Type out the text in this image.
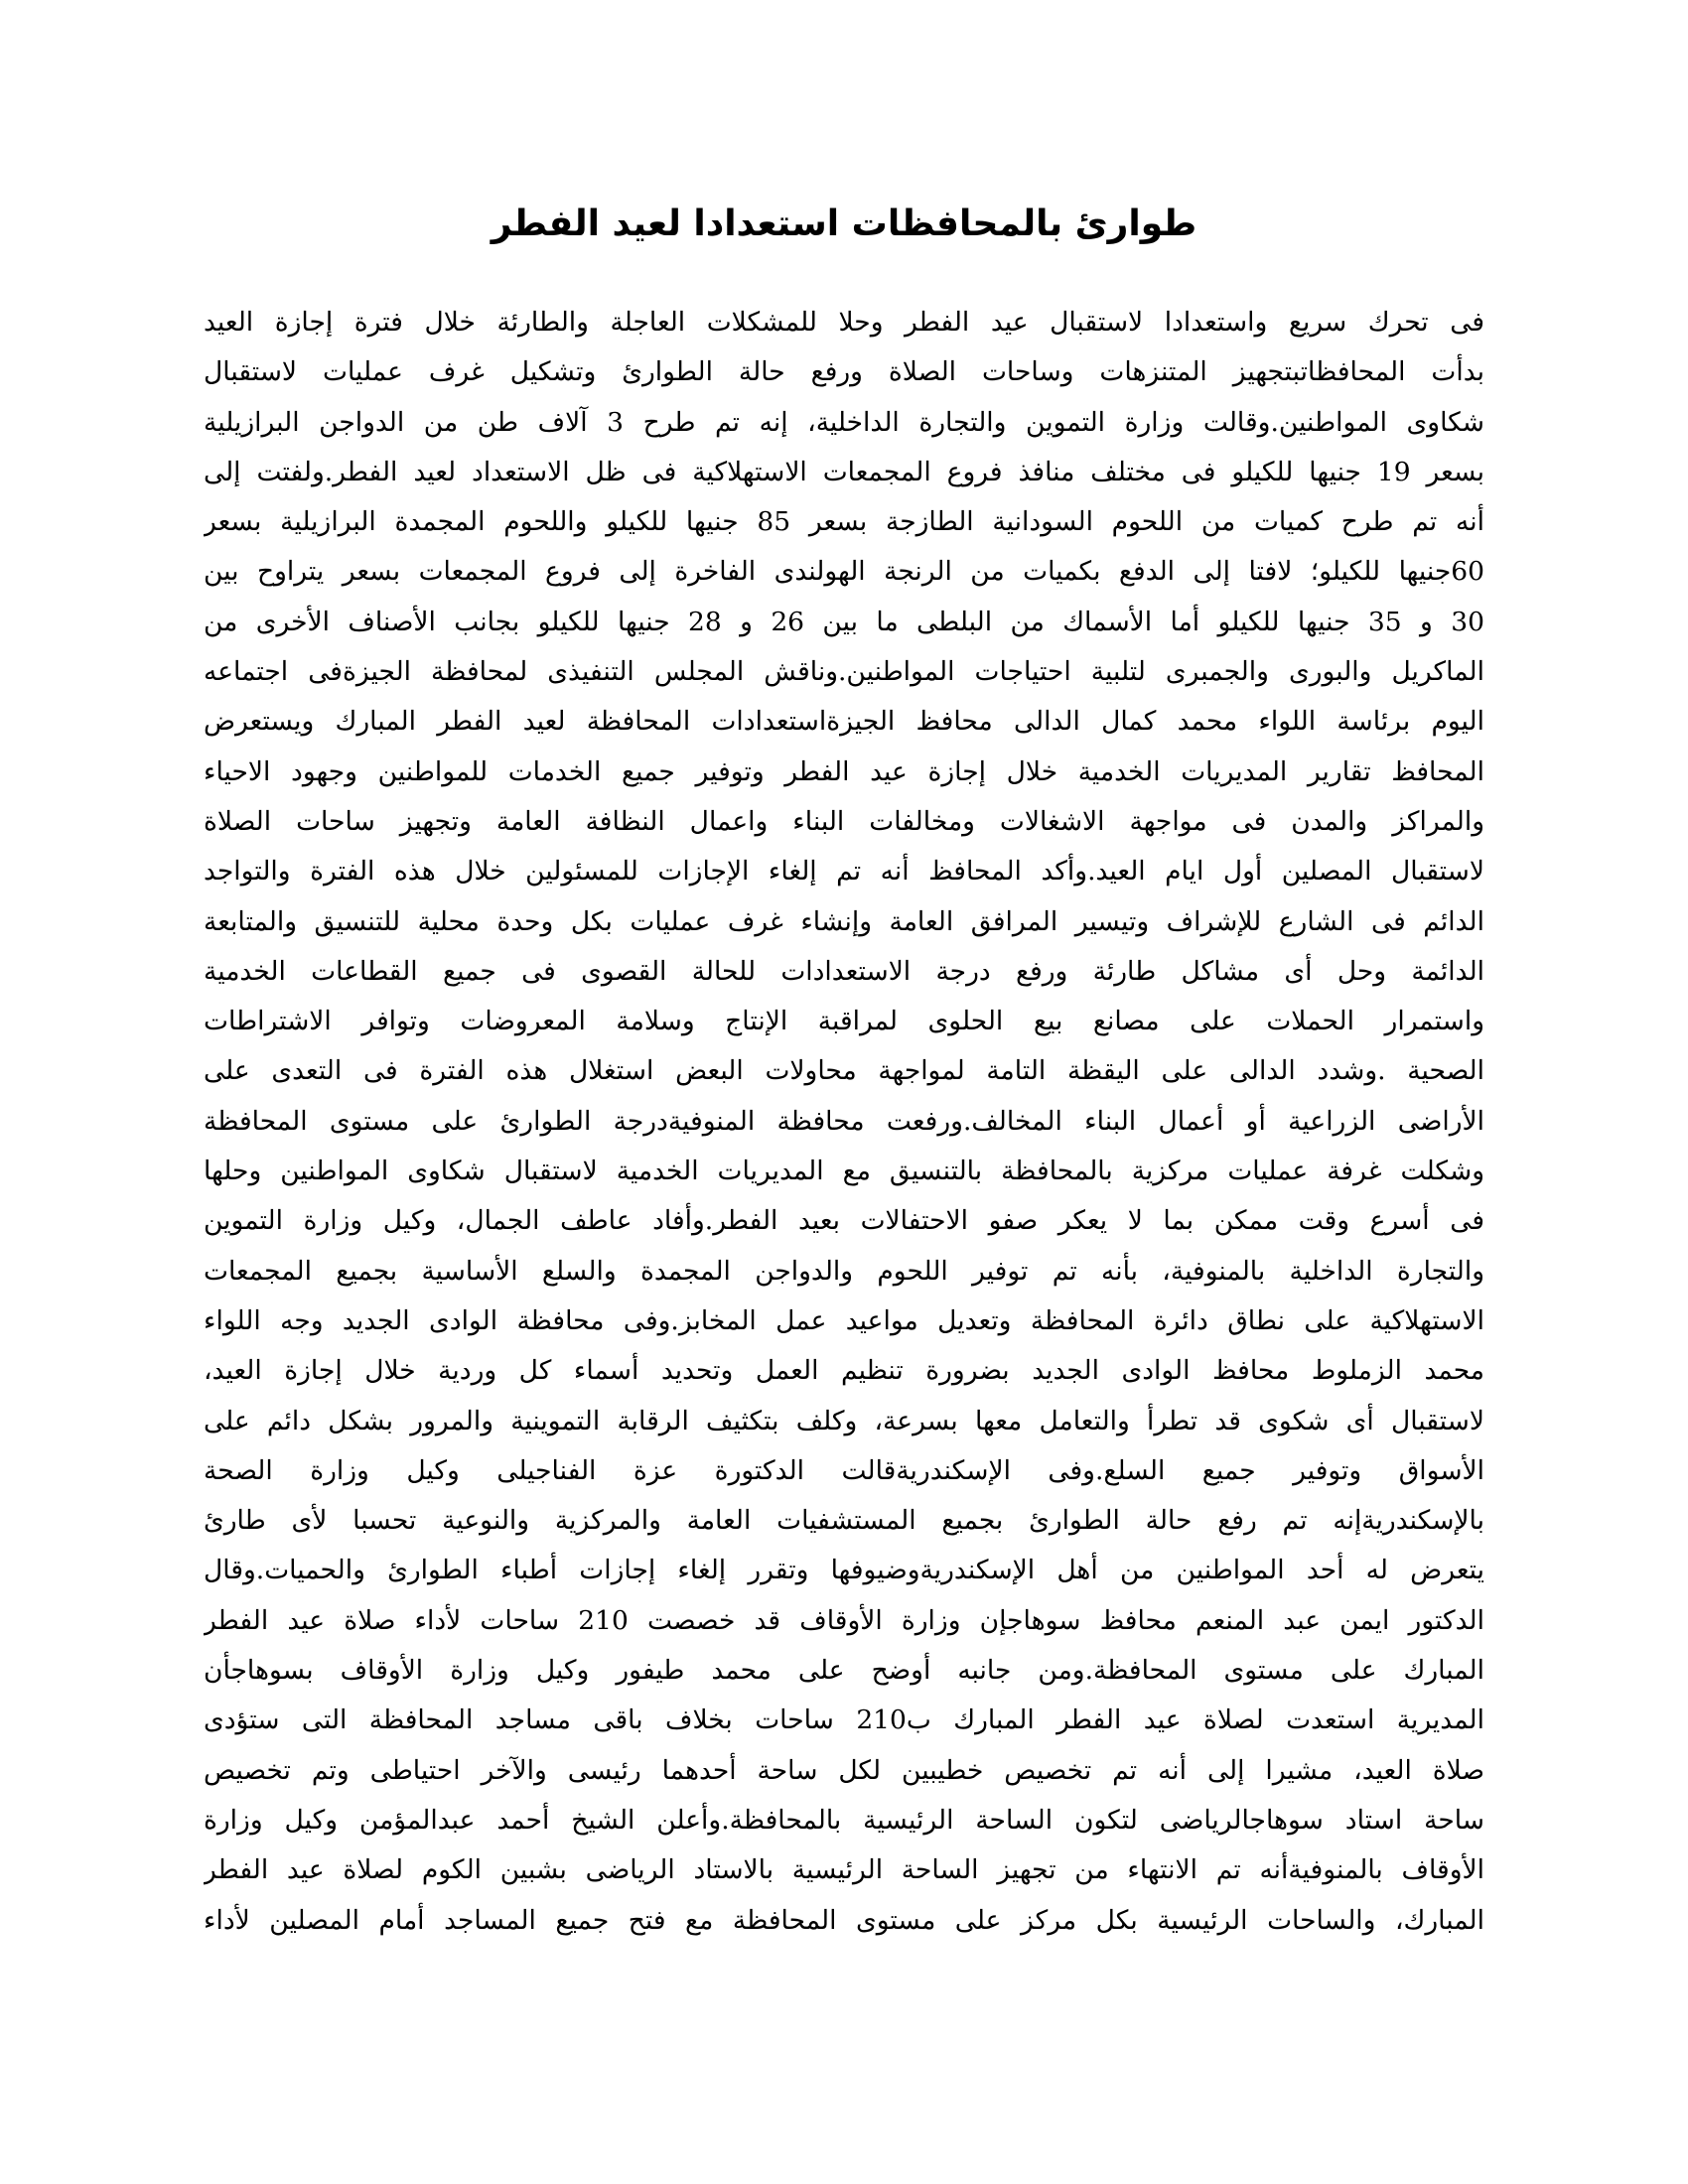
طوارئ بالمحافظات استعدادا لعيد الفطر
فى تحرك سريع واستعدادا لاستقبال عيد الفطر وحلا للمشكلات العاجلة والطارئة خلال فترة إجازة العيد
بدأت المحافظاتبتجهيز المتنزهات وساحات الصلاة ورفع حالة الطوارئ وتشكيل غرف عمليات لاستقبال
شكاوى المواطنين.وقالت وزارة التموين والتجارة الداخلية، إنه تم طرح 3 آلاف طن من الدواجن البرازيلية
بسعر 19 جنيها للكيلو فى مختلف منافذ فروع المجمعات الاستهلاكية فى ظل الاستعداد لعيد الفطر.ولفتت إلى
أنه تم طرح كميات من اللحوم السودانية الطازجة بسعر 85 جنيها للكيلو واللحوم المجمدة البرازيلية بسعر
60جنيها للكيلو؛ لافتا إلى الدفع بكميات من الرنجة الهولندى الفاخرة إلى فروع المجمعات بسعر يتراوح بين
30 و 35 جنيها للكيلو أما الأسماك من البلطى ما بين 26 و 28 جنيها للكيلو بجانب الأصناف الأخرى من
الماكريل والبورى والجمبرى لتلبية احتياجات المواطنين.وناقش المجلس التنفيذى لمحافظة الجيزةفى اجتماعه
اليوم برئاسة اللواء محمد كمال الدالى محافظ الجيزةاستعدادات المحافظة لعيد الفطر المبارك ويستعرض
المحافظ تقارير المديريات الخدمية خلال إجازة عيد الفطر وتوفير جميع الخدمات للمواطنين وجهود الاحياء
والمراكز والمدن فى مواجهة الاشغالات ومخالفات البناء واعمال النظافة العامة وتجهيز ساحات الصلاة
لاستقبال المصلين أول ايام العيد.وأكد المحافظ أنه تم إلغاء الإجازات للمسئولين خلال هذه الفترة والتواجد
الدائم فى الشارع للإشراف وتيسير المرافق العامة وإنشاء غرف عمليات بكل وحدة محلية للتنسيق والمتابعة
الدائمة وحل أى مشاكل طارئة ورفع درجة الاستعدادات للحالة القصوى فى جميع القطاعات الخدمية
واستمرار الحملات على مصانع بيع الحلوى لمراقبة الإنتاج وسلامة المعروضات وتوافر الاشتراطات
الصحية .وشدد الدالى على اليقظة التامة لمواجهة محاولات البعض استغلال هذه الفترة فى التعدى على
الأراضى الزراعية أو أعمال البناء المخالف.ورفعت محافظة المنوفيةدرجة الطوارئ على مستوى المحافظة
وشكلت غرفة عمليات مركزية بالمحافظة بالتنسيق مع المديريات الخدمية لاستقبال شكاوى المواطنين وحلها
فى أسرع وقت ممكن بما لا يعكر صفو الاحتفالات بعيد الفطر.وأفاد عاطف الجمال، وكيل وزارة التموين
والتجارة الداخلية بالمنوفية، بأنه تم توفير اللحوم والدواجن المجمدة والسلع الأساسية بجميع المجمعات
الاستهلاكية على نطاق دائرة المحافظة وتعديل مواعيد عمل المخابز.وفى محافظة الوادى الجديد وجه اللواء
محمد الزملوط محافظ الوادى الجديد بضرورة تنظيم العمل وتحديد أسماء كل وردية خلال إجازة العيد،
لاستقبال أى شكوى قد تطرأ والتعامل معها بسرعة، وكلف بتكثيف الرقابة التموينية والمرور بشكل دائم على
الأسواق وتوفير جميع السلع.وفى الإسكندريةقالت الدكتورة عزة الفناجيلى وكيل وزارة الصحة
بالإسكندريةإنه تم رفع حالة الطوارئ بجميع المستشفيات العامة والمركزية والنوعية تحسبا لأى طارئ
يتعرض له أحد المواطنين من أهل الإسكندريةوضيوفها وتقرر إلغاء إجازات أطباء الطوارئ والحميات.وقال
الدكتور ايمن عبد المنعم محافظ سوهاجإن وزارة الأوقاف قد خصصت 210 ساحات لأداء صلاة عيد الفطر
المبارك على مستوى المحافظة.ومن جانبه أوضح على محمد طيفور وكيل وزارة الأوقاف بسوهاجأن
المديرية استعدت لصلاة عيد الفطر المبارك ب210 ساحات بخلاف باقى مساجد المحافظة التى ستؤدى
صلاة العيد، مشيرا إلى أنه تم تخصيص خطيبين لكل ساحة أحدهما رئيسى والآخر احتياطى وتم تخصيص
ساحة استاد سوهاجالرياضى لتكون الساحة الرئيسية بالمحافظة.وأعلن الشيخ أحمد عبدالمؤمن وكيل وزارة
الأوقاف بالمنوفيةأنه تم الانتهاء من تجهيز الساحة الرئيسية بالاستاد الرياضى بشبين الكوم لصلاة عيد الفطر
المبارك، والساحات الرئيسية بكل مركز على مستوى المحافظة مع فتح جميع المساجد أمام المصلين لأداء
